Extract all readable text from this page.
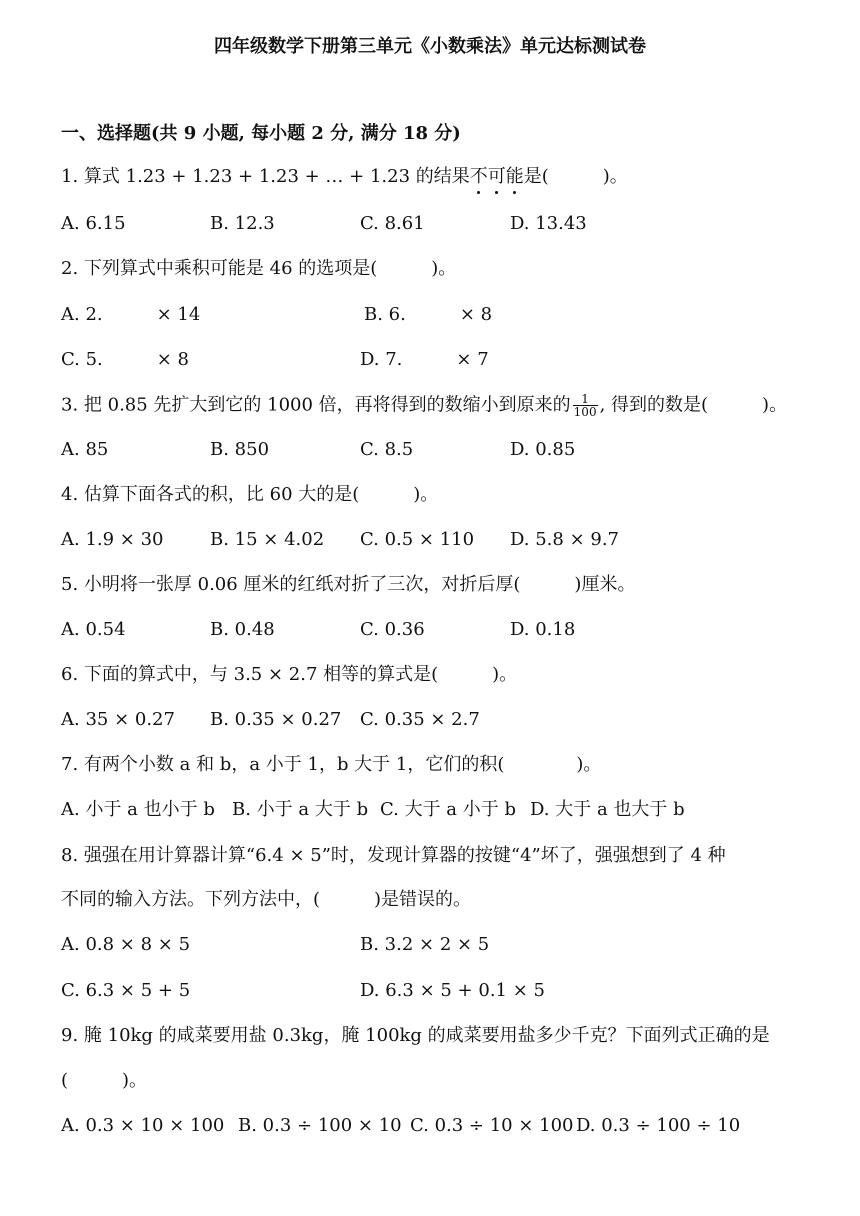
四年级数学下册第三单元《小数乘法》单元达标测试卷
一、选择题(共 9 小题, 每小题 2 分, 满分 18 分)
1. 算式 1.23 + 1.23 + 1.23 + … + 1.23 的结果不可能是(　　　)。
A. 6.15	B. 12.3	C. 8.61	D. 13.43
2. 下列算式中乘积可能是 46 的选项是(　　　)。
A. 2.　　　× 14	B. 6.　　　× 8
C. 5.　　　× 8	D. 7.　　　× 7
3. 把 0.85 先扩大到它的 1000 倍，再将得到的数缩小到原来的 $\frac{1}{100}$ , 得到的数是(　　　)。
A. 85	B. 850	C. 8.5	D. 0.85
4. 估算下面各式的积，比 60 大的是(　　　)。
A. 1.9 × 30	B. 15 × 4.02 C. 0.5 × 110 D. 5.8 × 9.7
5. 小明将一张厚 0.06 厘米的红纸对折了三次，对折后厚(　　　)厘米。
A. 0.54	B. 0.48	C. 0.36	D. 0.18
6. 下面的算式中，与 3.5 × 2.7 相等的算式是(　　　)。
A. 35 × 0.27 B. 0.35 × 0.27 C. 0.35 × 2.7
7. 有两个小数 a 和 b，a 小于 1，b 大于 1，它们的积(　　　　)。
A. 小于 a 也小于 b B. 小于 a 大于 b C. 大于 a 小于 b D. 大于 a 也大于 b
8. 强强在用计算器计算“6.4 × 5”时，发现计算器的按键“4”坏了，强强想到了 4 种
不同的输入方法。下列方法中，(　　　)是错误的。
A. 0.8 × 8 × 5	B. 3.2 × 2 × 5
C. 6.3 × 5 + 5	D. 6.3 × 5 + 0.1 × 5
9. 腌 10kg 的咸菜要用盐 0.3kg，腌 100kg 的咸菜要用盐多少千克？下面列式正确的是
(　　　)。
A. 0.3 × 10 × 100 B. 0.3 ÷ 100 × 10 C. 0.3 ÷ 10 × 100 D. 0.3 ÷ 100 ÷ 10
